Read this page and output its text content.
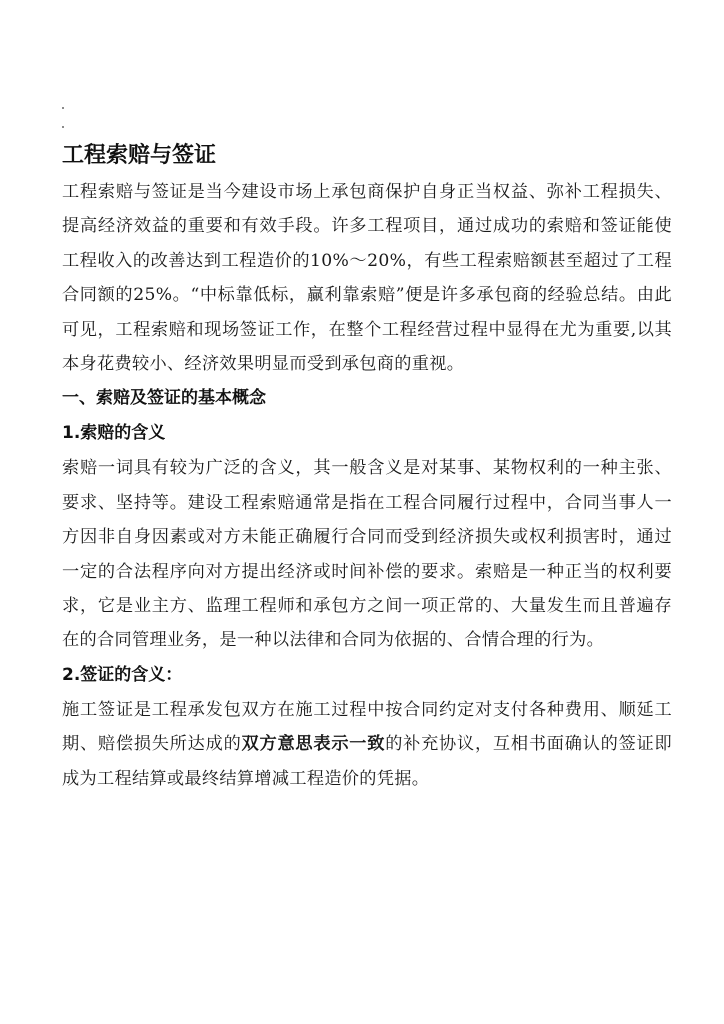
工程索赔与签证

工程索赔与签证是当今建设市场上承包商保护自身正当权益、弥补工程损失、提高经济效益的重要和有效手段。许多工程项目，通过成功的索赔和签证能使工程收入的改善达到工程造价的10%～20%，有些工程索赔额甚至超过了工程合同额的25%。“中标靠低标，赢利靠索赔”便是许多承包商的经验总结。由此可见，工程索赔和现场签证工作，在整个工程经营过程中显得在尤为重要,以其本身花费较小、经济效果明显而受到承包商的重视。

一、索赔及签证的基本概念
1.索赔的含义

索赔一词具有较为广泛的含义，其一般含义是对某事、某物权利的一种主张、要求、坚持等。建设工程索赔通常是指在工程合同履行过程中，合同当事人一方因非自身因素或对方未能正确履行合同而受到经济损失或权利损害时，通过一定的合法程序向对方提出经济或时间补偿的要求。索赔是一种正当的权利要求，它是业主方、监理工程师和承包方之间一项正常的、大量发生而且普遍存在的合同管理业务，是一种以法律和合同为依据的、合情合理的行为。

2.签证的含义：

施工签证是工程承发包双方在施工过程中按合同约定对支付各种费用、顺延工期、赔偿损失所达成的双方意思表示一致的补充协议，互相书面确认的签证即成为工程结算或最终结算增减工程造价的凭据。
